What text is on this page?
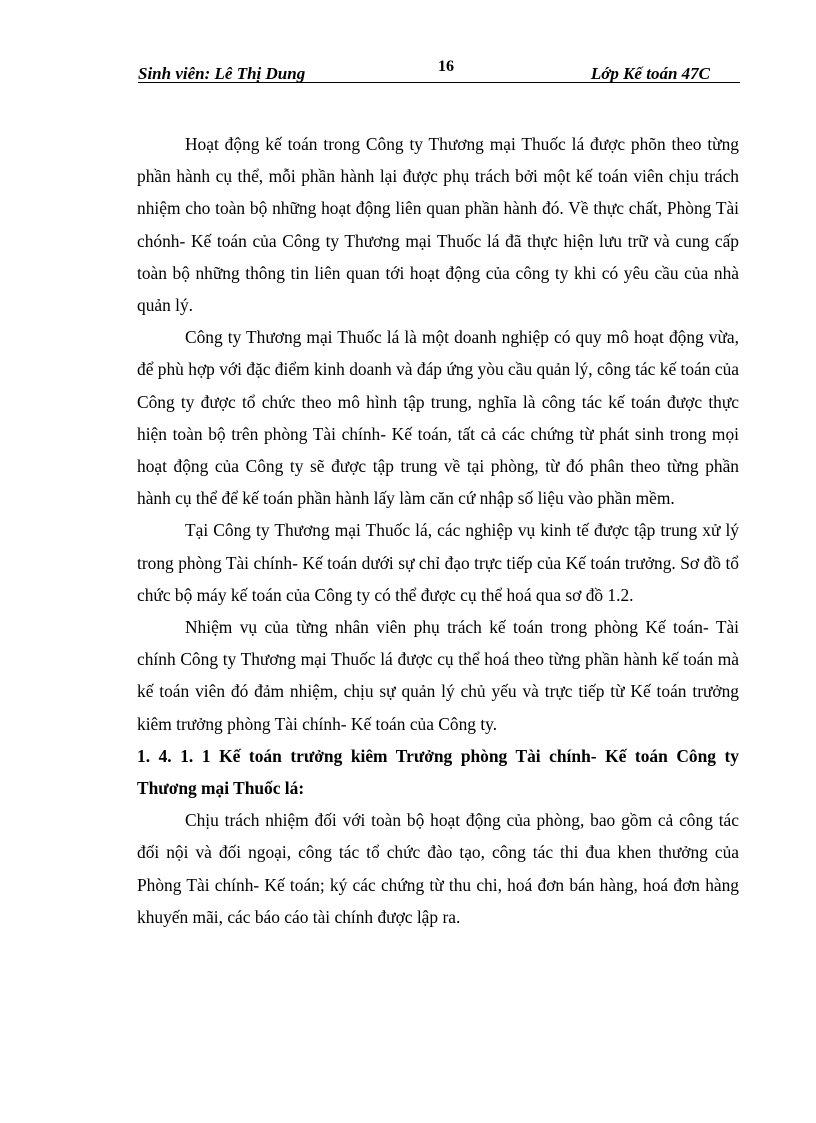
Sinh viên: Lê Thị Dung	16	Lớp Kế toán 47C

Hoạt động kế toán trong Công ty Thương mại Thuốc lá được phõn theo từng phần hành cụ thể, mỗi phần hành lại được phụ trách bởi một kế toán viên chịu trách nhiệm cho toàn bộ những hoạt động liên quan phần hành đó. Về thực chất, Phòng Tài chónh- Kế toán của Công ty Thương mại Thuốc lá đã thực hiện lưu trữ và cung cấp toàn bộ những thông tin liên quan tới hoạt động của công ty khi có yêu cầu của nhà quản lý.

Công ty Thương mại Thuốc lá là một doanh nghiệp có quy mô hoạt động vừa, để phù hợp với đặc điểm kinh doanh và đáp ứng yòu cầu quản lý, công tác kế toán của Công ty được tổ chức theo mô hình tập trung, nghĩa là công tác kế toán được thực hiện toàn bộ trên phòng Tài chính- Kế toán, tất cả các chứng từ phát sinh trong mọi hoạt động của Công ty sẽ được tập trung về tại phòng, từ đó phân theo từng phần hành cụ thể để kế toán phần hành lấy làm căn cứ nhập số liệu vào phần mềm.

Tại Công ty Thương mại Thuốc lá, các nghiệp vụ kinh tế được tập trung xử lý trong phòng Tài chính- Kế toán dưới sự chỉ đạo trực tiếp của Kế toán trưởng. Sơ đồ tổ chức bộ máy kế toán của Công ty có thể được cụ thể hoá qua sơ đồ 1.2.

Nhiệm vụ của từng nhân viên phụ trách kế toán trong phòng Kế toán- Tài chính Công ty Thương mại Thuốc lá được cụ thể hoá theo từng phần hành kế toán mà kế toán viên đó đảm nhiệm, chịu sự quản lý chủ yếu và trực tiếp từ Kế toán trưởng kiêm trưởng phòng Tài chính- Kế toán của Công ty.

1. 4. 1. 1 Kế toán trưởng kiêm Trưởng phòng Tài chính- Kế toán Công ty Thương mại Thuốc lá:

Chịu trách nhiệm đối với toàn bộ hoạt động của phòng, bao gồm cả công tác đối nội và đối ngoại, công tác tổ chức đào tạo, công tác thi đua khen thưởng của Phòng Tài chính- Kế toán; ký các chứng từ thu chi, hoá đơn bán hàng, hoá đơn hàng khuyến mãi, các báo cáo tài chính được lập ra.
